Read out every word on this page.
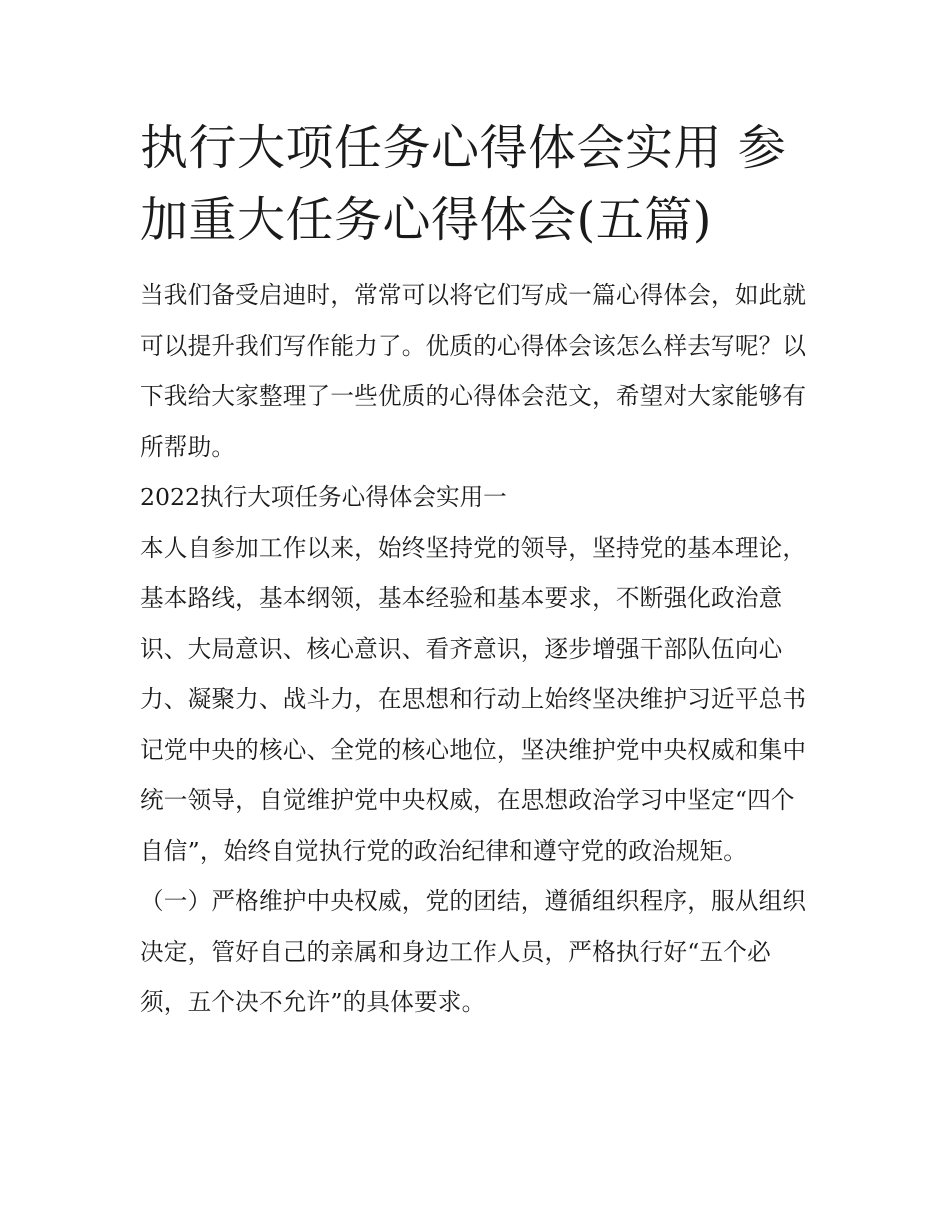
执行大项任务心得体会实用 参加重大任务心得体会(五篇)

当我们备受启迪时，常常可以将它们写成一篇心得体会，如此就可以提升我们写作能力了。优质的心得体会该怎么样去写呢？以下我给大家整理了一些优质的心得体会范文，希望对大家能够有所帮助。

2022执行大项任务心得体会实用一

本人自参加工作以来，始终坚持党的领导，坚持党的基本理论，基本路线，基本纲领，基本经验和基本要求，不断强化政治意识、大局意识、核心意识、看齐意识，逐步增强干部队伍向心力、凝聚力、战斗力，在思想和行动上始终坚决维护习近平总书记党中央的核心、全党的核心地位，坚决维护党中央权威和集中统一领导，自觉维护党中央权威，在思想政治学习中坚定“四个自信”，始终自觉执行党的政治纪律和遵守党的政治规矩。

（一）严格维护中央权威，党的团结，遵循组织程序，服从组织决定，管好自己的亲属和身边工作人员，严格执行好“五个必须，五个决不允许”的具体要求。
